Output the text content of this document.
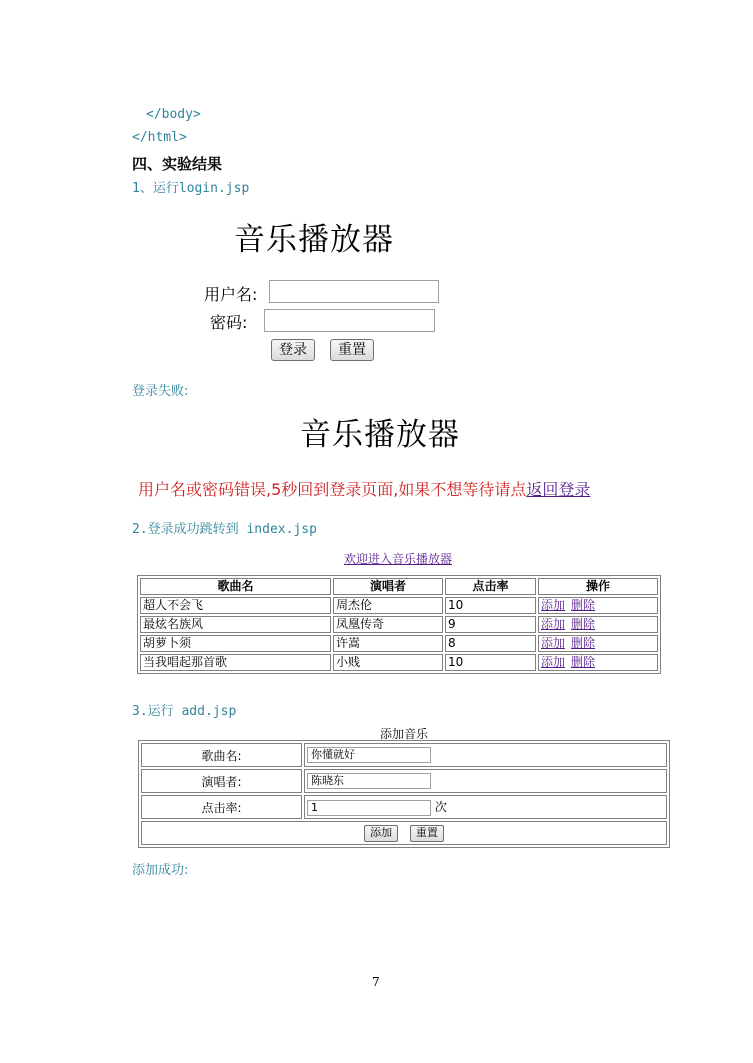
</body>
</html>
四、实验结果
1、运行login.jsp
音乐播放器
用户名:
密码:
登录	重置
登录失败:
音乐播放器
用户名或密码错误,5秒回到登录页面,如果不想等待请点返回登录
2.登录成功跳转到 index.jsp
欢迎进入音乐播放器
歌曲名	演唱者	点击率	操作
超人不会飞	周杰伦	10	添加 删除
最炫名族风	凤凰传奇	9	添加 删除
胡萝卜须	许嵩	8	添加 删除
当我唱起那首歌	小贱	10	添加 删除
3.运行 add.jsp
添加音乐
歌曲名:	你懂就好
演唱者:	陈晓东
点击率:	1 次
添加 重置	
添加成功:
7
